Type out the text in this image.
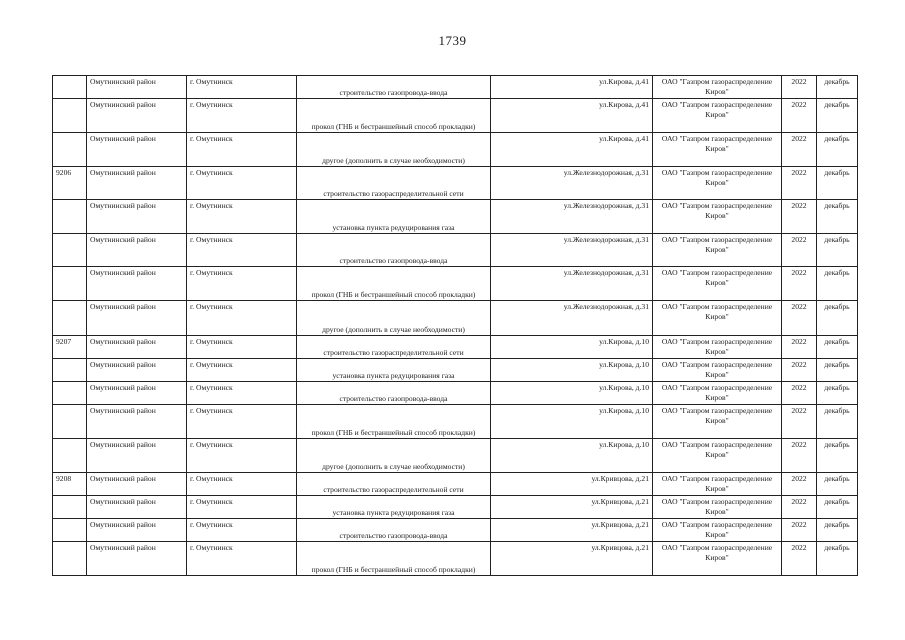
1739
	Омутнинский район	г. Омутнинск	строительство газопровода-ввода	ул.Кирова, д.41	ОАО "Газпром газораспределение Киров"	2022	декабрь
	Омутнинский район	г. Омутнинск	прокол (ГНБ и бестраншейный способ прокладки)	ул.Кирова, д.41	ОАО "Газпром газораспределение Киров"	2022	декабрь
	Омутнинский район	г. Омутнинск	другое (дополнить в случае необходимости)	ул.Кирова, д.41	ОАО "Газпром газораспределение Киров"	2022	декабрь
9206	Омутнинский район	г. Омутнинск	строительство газораспределительной сети	ул.Железнодорожная, д.31	ОАО "Газпром газораспределение Киров"	2022	декабрь
	Омутнинский район	г. Омутнинск	установка пункта редуцирования газа	ул.Железнодорожная, д.31	ОАО "Газпром газораспределение Киров"	2022	декабрь
	Омутнинский район	г. Омутнинск	строительство газопровода-ввода	ул.Железнодорожная, д.31	ОАО "Газпром газораспределение Киров"	2022	декабрь
	Омутнинский район	г. Омутнинск	прокол (ГНБ и бестраншейный способ прокладки)	ул.Железнодорожная, д.31	ОАО "Газпром газораспределение Киров"	2022	декабрь
	Омутнинский район	г. Омутнинск	другое (дополнить в случае необходимости)	ул.Железнодорожная, д.31	ОАО "Газпром газораспределение Киров"	2022	декабрь
9207	Омутнинский район	г. Омутнинск	строительство газораспределительной сети	ул.Кирова, д.10	ОАО "Газпром газораспределение Киров"	2022	декабрь
	Омутнинский район	г. Омутнинск	установка пункта редуцирования газа	ул.Кирова, д.10	ОАО "Газпром газораспределение Киров"	2022	декабрь
	Омутнинский район	г. Омутнинск	строительство газопровода-ввода	ул.Кирова, д.10	ОАО "Газпром газораспределение Киров"	2022	декабрь
	Омутнинский район	г. Омутнинск	прокол (ГНБ и бестраншейный способ прокладки)	ул.Кирова, д.10	ОАО "Газпром газораспределение Киров"	2022	декабрь
	Омутнинский район	г. Омутнинск	другое (дополнить в случае необходимости)	ул.Кирова, д.10	ОАО "Газпром газораспределение Киров"	2022	декабрь
9208	Омутнинский район	г. Омутнинск	строительство газораспределительной сети	ул.Кривцова, д.21	ОАО "Газпром газораспределение Киров"	2022	декабрь
	Омутнинский район	г. Омутнинск	установка пункта редуцирования газа	ул.Кривцова, д.21	ОАО "Газпром газораспределение Киров"	2022	декабрь
	Омутнинский район	г. Омутнинск	строительство газопровода-ввода	ул.Кривцова, д.21	ОАО "Газпром газораспределение Киров"	2022	декабрь
	Омутнинский район	г. Омутнинск	прокол (ГНБ и бестраншейный способ прокладки)	ул.Кривцова, д.21	ОАО "Газпром газораспределение Киров"	2022	декабрь
